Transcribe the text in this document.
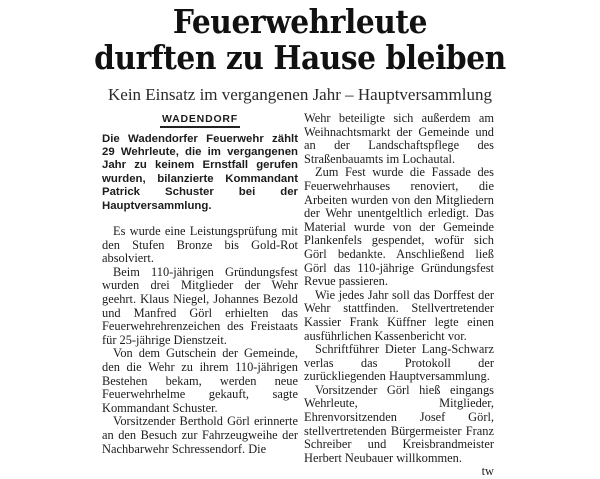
Feuerwehrleute
durften zu Hause bleiben
Kein Einsatz im vergangenen Jahr – Hauptversammlung
WADENDORF
Die Wadendorfer Feuerwehr zählt 29 Wehrleute, die im vergangenen Jahr zu keinem Ernstfall gerufen wurden, bilanzierte Kommandant Patrick Schuster bei der Hauptversammlung.

Es wurde eine Leistungsprüfung mit den Stufen Bronze bis Gold-Rot absolviert.

Beim 110-jährigen Gründungsfest wurden drei Mitglieder der Wehr geehrt. Klaus Niegel, Johannes Bezold und Manfred Görl erhielten das Feuerwehrehrenzeichen des Freistaats für 25-jährige Dienstzeit.

Von dem Gutschein der Gemeinde, den die Wehr zu ihrem 110-jährigen Bestehen bekam, werden neue Feuerwehrhelme gekauft, sagte Kommandant Schuster.

Vorsitzender Berthold Görl erinnerte an den Besuch zur Fahrzeugweihe der Nachbarwehr Schressendorf. Die

Wehr beteiligte sich außerdem am Weihnachtsmarkt der Gemeinde und an der Landschaftspflege des Straßenbauamts im Lochautal.

Zum Fest wurde die Fassade des Feuerwehrhauses renoviert, die Arbeiten wurden von den Mitgliedern der Wehr unentgeltlich erledigt. Das Material wurde von der Gemeinde Plankenfels gespendet, wofür sich Görl bedankte. Anschließend ließ Görl das 110-jährige Gründungsfest Revue passieren.

Wie jedes Jahr soll das Dorffest der Wehr stattfinden. Stellvertretender Kassier Frank Küffner legte einen ausführlichen Kassenbericht vor.

Schriftführer Dieter Lang-Schwarz verlas das Protokoll der zurückliegenden Hauptversammlung.

Vorsitzender Görl hieß eingangs Wehrleute, Mitglieder, Ehrenvorsitzenden Josef Görl, stellvertretenden Bürgermeister Franz Schreiber und Kreisbrandmeister Herbert Neubauer willkommen.

tw
